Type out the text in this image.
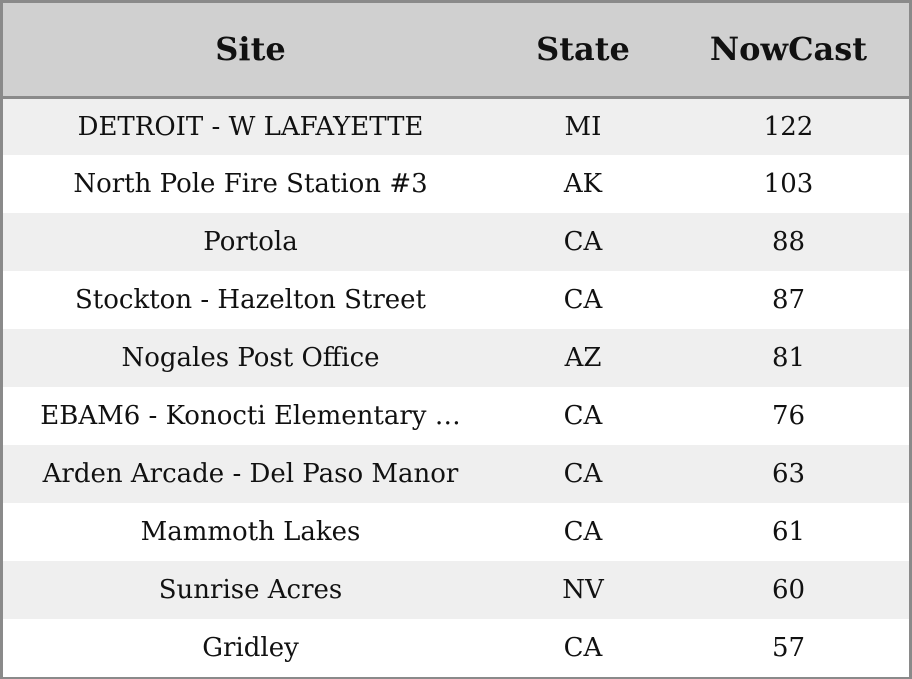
Site	State	NowCast
DETROIT - W LAFAYETTE	MI	122
North Pole Fire Station #3	AK	103
Portola	CA	88
Stockton - Hazelton Street	CA	87
Nogales Post Office	AZ	81
EBAM6 - Konocti Elementary …	CA	76
Arden Arcade - Del Paso Manor	CA	63
Mammoth Lakes	CA	61
Sunrise Acres	NV	60
Gridley	CA	57
